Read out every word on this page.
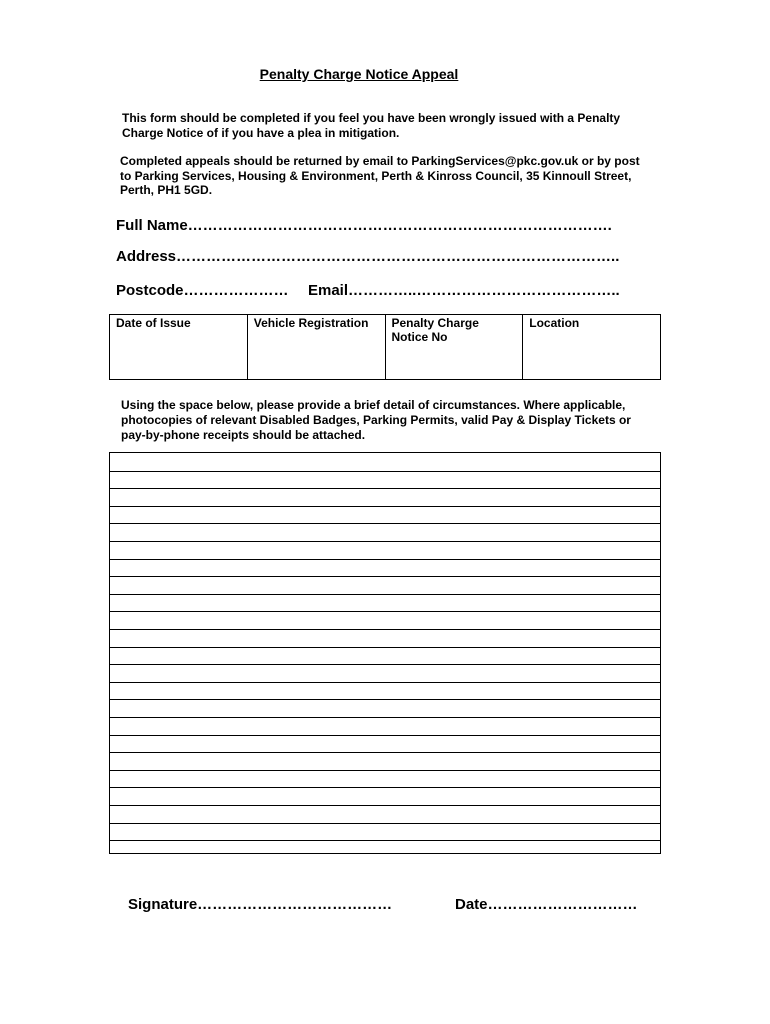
Penalty Charge Notice Appeal

This form should be completed if you feel you have been wrongly issued with a Penalty Charge Notice of if you have a plea in mitigation.

Completed appeals should be returned by email to ParkingServices@pkc.gov.uk or by post to Parking Services, Housing & Environment, Perth & Kinross Council, 35 Kinnoull Street, Perth, PH1 5GD.

Full Name………………………………………………………………………….
Address……………………………………………………………………………..
Postcode………………… Email…………..…………………………………..
Date of Issue	Vehicle Registration	Penalty Charge Notice No	Location

Using the space below, please provide a brief detail of circumstances. Where applicable, photocopies of relevant Disabled Badges, Parking Permits, valid Pay & Display Tickets or pay-by-phone receipts should be attached.

Signature…………………………………	Date…………………………
